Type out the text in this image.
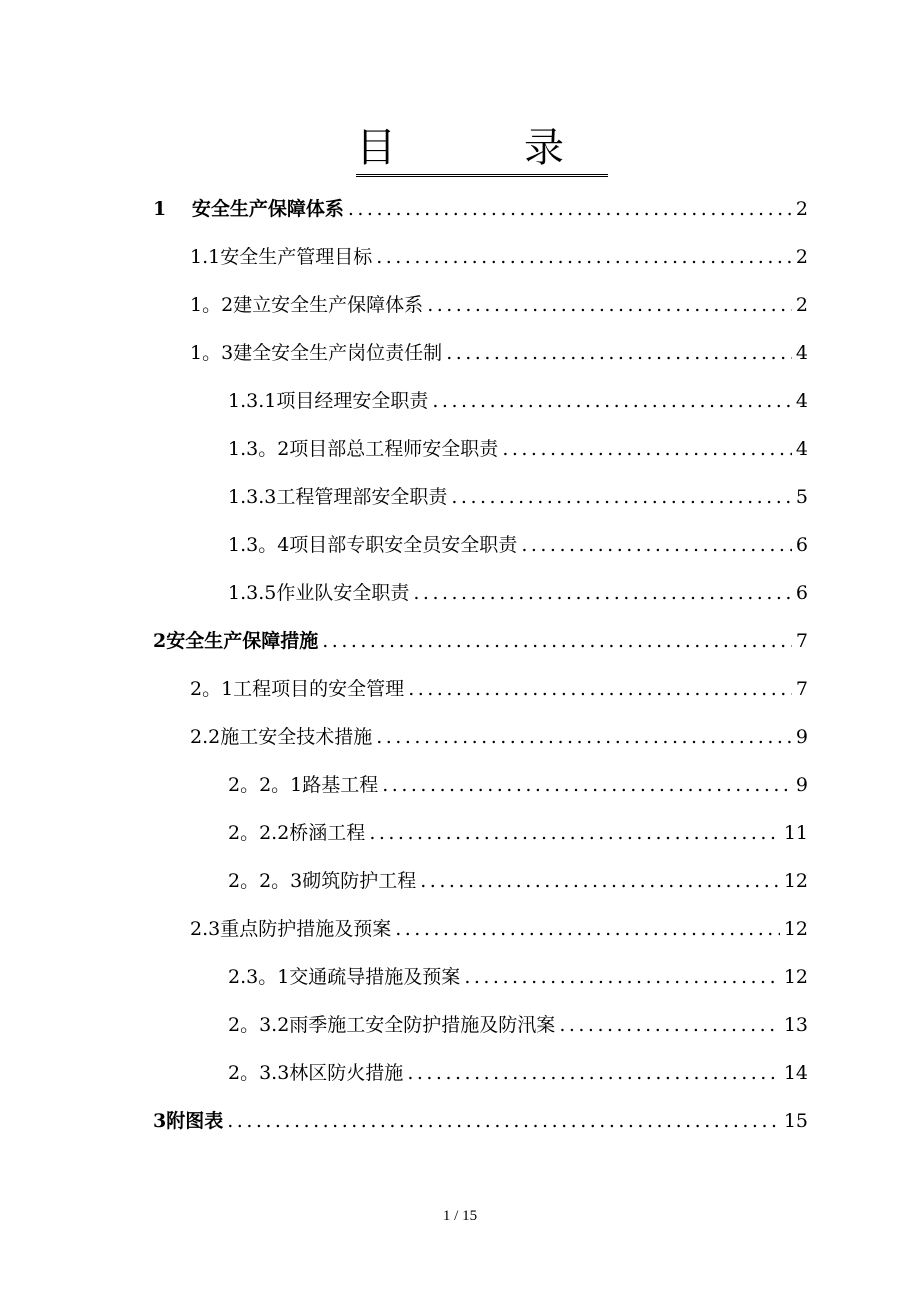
目　录
1　 安全生产保障体系 .....	2
1.1安全生产管理目标 .....	2
1。2建立安全生产保障体系 .....	2
1。3建全安全生产岗位责任制 .....	4
1.3.1项目经理安全职责 .....	4
1.3。2项目部总工程师安全职责 .....	4
1.3.3工程管理部安全职责 .....	5
1.3。4项目部专职安全员安全职责 .....	6
1.3.5作业队安全职责 .....	6
2安全生产保障措施 .....	7
2。1工程项目的安全管理 .....	7
2.2施工安全技术措施 .....	9
2。2。1路基工程 .....	9
2。2.2桥涵工程 .....	11
2。2。3砌筑防护工程 .....	12
2.3重点防护措施及预案 .....	12
2.3。1交通疏导措施及预案 .....	12
2。3.2雨季施工安全防护措施及防汛案 .....	13
2。3.3林区防火措施 .....	14
3附图表 .....	15
1 / 15
